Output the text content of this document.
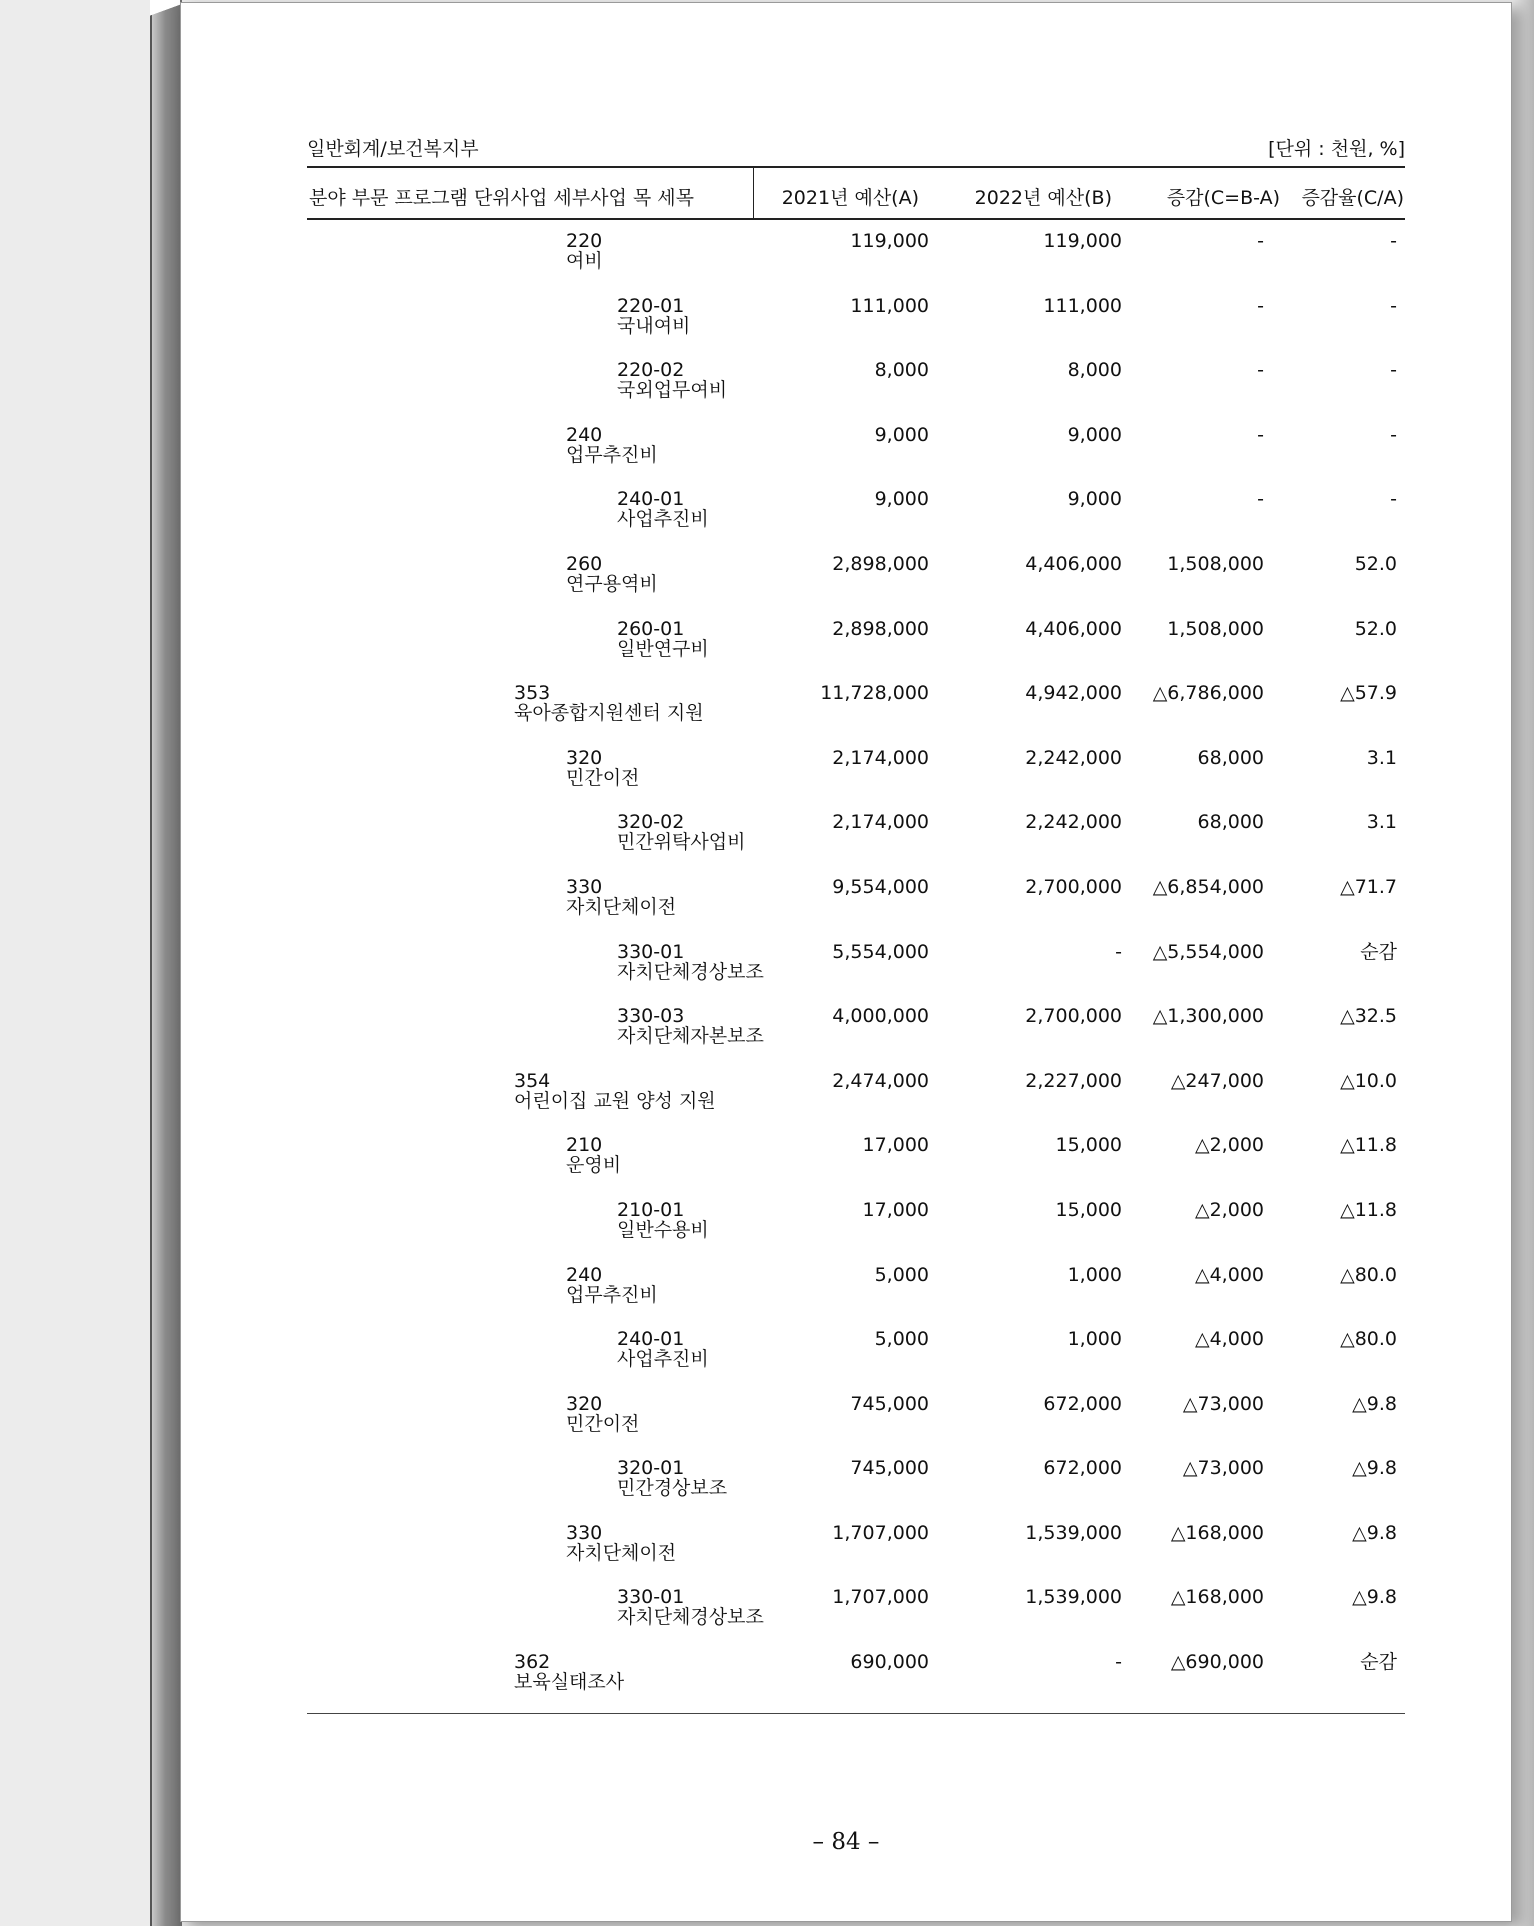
일반회계/보건복지부	[단위 : 천원, %]
분야 부문 프로그램 단위사업 세부사업 목 세목	2021년 예산(A)	2022년 예산(B)	증감(C=B-A) 증감율(C/A)
220
여비
119,000	119,000	-	-
220-01
국내여비
111,000	111,000	-	-
220-02
국외업무여비
8,000	8,000	-	-
240
업무추진비
9,000	9,000	-	-
240-01
사업추진비
9,000	9,000	-	-
260
연구용역비
2,898,000	4,406,000 1,508,000	52.0
260-01
일반연구비
2,898,000	4,406,000 1,508,000	52.0
353
육아종합지원센터 지원
11,728,000	4,942,000 △6,786,000	△57.9
320
민간이전
2,174,000	2,242,000	68,000	3.1
320-02
민간위탁사업비
2,174,000	2,242,000	68,000	3.1
330
자치단체이전
9,554,000	2,700,000 △6,854,000	△71.7
330-01
자치단체경상보조
5,554,000	- △5,554,000	순감
330-03
자치단체자본보조
4,000,000	2,700,000 △1,300,000	△32.5
354
어린이집 교원 양성 지원
2,474,000	2,227,000	△247,000	△10.0
210
운영비
17,000	15,000	△2,000	△11.8
210-01
일반수용비
17,000	15,000	△2,000	△11.8
240
업무추진비
5,000	1,000	△4,000	△80.0
240-01
사업추진비
5,000	1,000	△4,000	△80.0
320
민간이전
745,000	672,000	△73,000	△9.8
320-01
민간경상보조
745,000	672,000	△73,000	△9.8
330
자치단체이전
1,707,000	1,539,000	△168,000	△9.8
330-01
자치단체경상보조
1,707,000	1,539,000	△168,000	△9.8
362
보육실태조사
690,000	-	△690,000	순감
– 84 –
